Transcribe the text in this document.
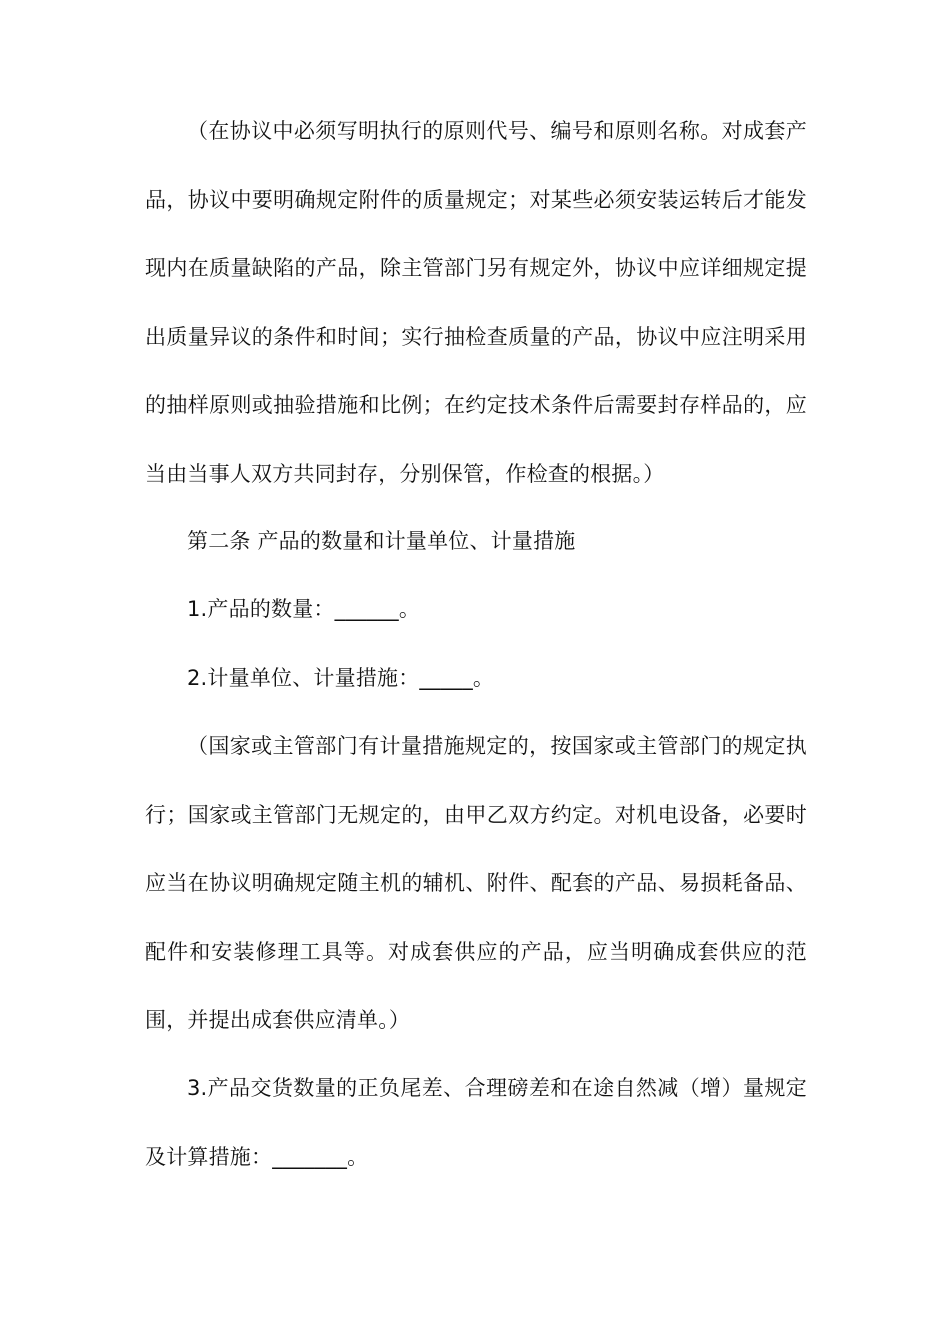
（在协议中必须写明执行的原则代号、编号和原则名称。对成套产品，协议中要明确规定附件的质量规定；对某些必须安装运转后才能发现内在质量缺陷的产品，除主管部门另有规定外，协议中应详细规定提出质量异议的条件和时间；实行抽检查质量的产品，协议中应注明采用的抽样原则或抽验措施和比例；在约定技术条件后需要封存样品的，应当由当事人双方共同封存，分别保管，作检查的根据。）

第二条 产品的数量和计量单位、计量措施

1.产品的数量：______。

2.计量单位、计量措施：_____。

（国家或主管部门有计量措施规定的，按国家或主管部门的规定执行；国家或主管部门无规定的，由甲乙双方约定。对机电设备，必要时应当在协议明确规定随主机的辅机、附件、配套的产品、易损耗备品、配件和安装修理工具等。对成套供应的产品，应当明确成套供应的范围，并提出成套供应清单。）

3.产品交货数量的正负尾差、合理磅差和在途自然减（增）量规定及计算措施：_______。
